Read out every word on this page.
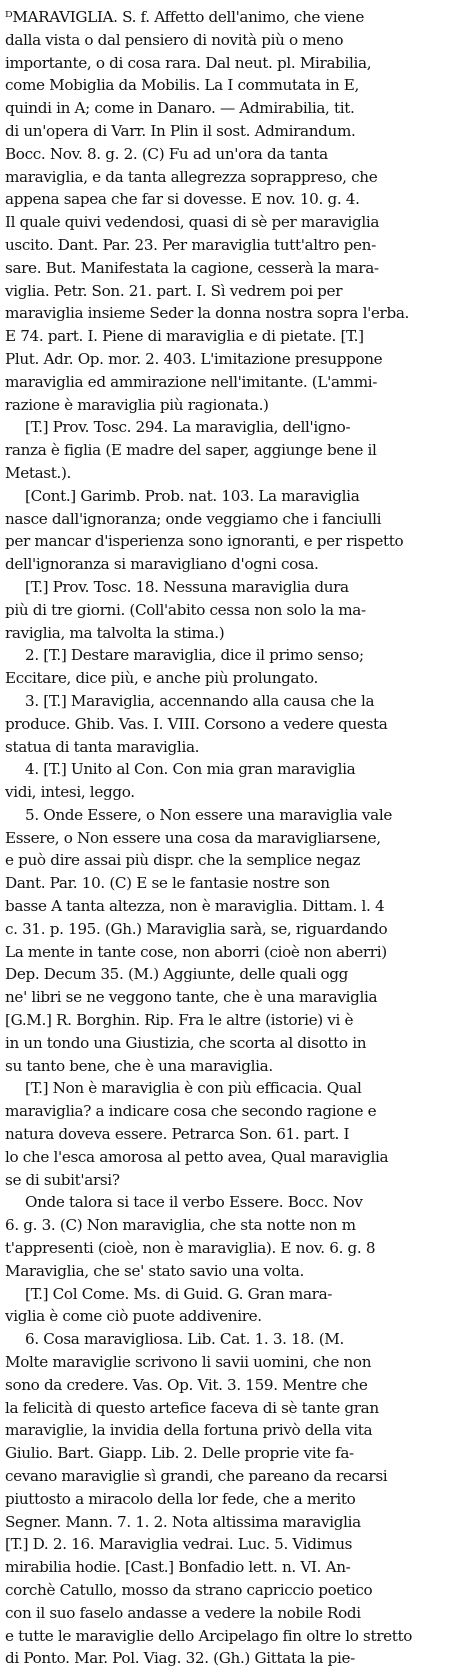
ᴰMARAVIGLIA. S. f. Affetto dell'animo, che viene
dalla vista o dal pensiero di novità più o meno
importante, o di cosa rara. Dal neut. pl. Mirabilia,
come Mobiglia da Mobilis. La I commutata in E,
quindi in A; come in Danaro. — Admirabilia, tit.
di un'opera di Varr. In Plin il sost. Admirandum.
Bocc. Nov. 8. g. 2. (C) Fu ad un'ora da tanta
maraviglia, e da tanta allegrezza soprappreso, che
appena sapea che far si dovesse. E nov. 10. g. 4.
Il quale quivi vedendosi, quasi di sè per maraviglia
uscito. Dant. Par. 23. Per maraviglia tutt'altro pen-
sare. But. Manifestata la cagione, cesserà la mara-
viglia. Petr. Son. 21. part. I. Sì vedrem poi per
maraviglia insieme Seder la donna nostra sopra l'erba.
E 74. part. I. Piene di maraviglia e di pietate. [T.]
Plut. Adr. Op. mor. 2. 403. L'imitazione presuppone
maraviglia ed ammirazione nell'imitante. (L'ammi-
razione è maraviglia più ragionata.)
[T.] Prov. Tosc. 294. La maraviglia, dell'igno-
ranza è figlia (E madre del saper, aggiunge bene il
Metast.).
[Cont.] Garimb. Prob. nat. 103. La maraviglia
nasce dall'ignoranza; onde veggiamo che i fanciulli
per mancar d'isperienza sono ignoranti, e per rispetto
dell'ignoranza si maravigliano d'ogni cosa.
[T.] Prov. Tosc. 18. Nessuna maraviglia dura
più di tre giorni. (Coll'abito cessa non solo la ma-
raviglia, ma talvolta la stima.)
2. [T.] Destare maraviglia, dice il primo senso;
Eccitare, dice più, e anche più prolungato.
3. [T.] Maraviglia, accennando alla causa che la
produce. Ghib. Vas. I. VIII. Corsono a vedere questa
statua di tanta maraviglia.
4. [T.] Unito al Con. Con mia gran maraviglia
vidi, intesi, leggo.
5. Onde Essere, o Non essere una maraviglia vale
Essere, o Non essere una cosa da maravigliarsene,
e può dire assai più dispr. che la semplice negaz
Dant. Par. 10. (C) E se le fantasie nostre son
basse A tanta altezza, non è maraviglia. Dittam. l. 4
c. 31. p. 195. (Gh.) Maraviglia sarà, se, riguardando
La mente in tante cose, non aborri (cioè non aberri)
Dep. Decum 35. (M.) Aggiunte, delle quali ogg
ne' libri se ne veggono tante, che è una maraviglia
[G.M.] R. Borghin. Rip. Fra le altre (istorie) vi è
in un tondo una Giustizia, che scorta al disotto in
su tanto bene, che è una maraviglia.
[T.] Non è maraviglia è con più efficacia. Qual
maraviglia? a indicare cosa che secondo ragione e
natura doveva essere. Petrarca Son. 61. part. I
lo che l'esca amorosa al petto avea, Qual maraviglia
se di subit'arsi?
Onde talora si tace il verbo Essere. Bocc. Nov
6. g. 3. (C) Non maraviglia, che sta notte non m
t'appresenti (cioè, non è maraviglia). E nov. 6. g. 8
Maraviglia, che se' stato savio una volta.
[T.] Col Come. Ms. di Guid. G. Gran mara-
viglia è come ciò puote addivenire.
6. Cosa maravigliosa. Lib. Cat. 1. 3. 18. (M.
Molte maraviglie scrivono li savii uomini, che non
sono da credere. Vas. Op. Vit. 3. 159. Mentre che
la felicità di questo artefice faceva di sè tante gran
maraviglie, la invidia della fortuna privò della vita
Giulio. Bart. Giapp. Lib. 2. Delle proprie vite fa-
cevano maraviglie sì grandi, che pareano da recarsi
piuttosto a miracolo della lor fede, che a merito
Segner. Mann. 7. 1. 2. Nota altissima maraviglia
[T.] D. 2. 16. Maraviglia vedrai. Luc. 5. Vidimus
mirabilia hodie. [Cast.] Bonfadio lett. n. VI. An-
corchè Catullo, mosso da strano capriccio poetico
con il suo faselo andasse a vedere la nobile Rodi
e tutte le maraviglie dello Arcipelago fin oltre lo stretto
di Ponto. Mar. Pol. Viag. 32. (Gh.) Gittata la pie-
